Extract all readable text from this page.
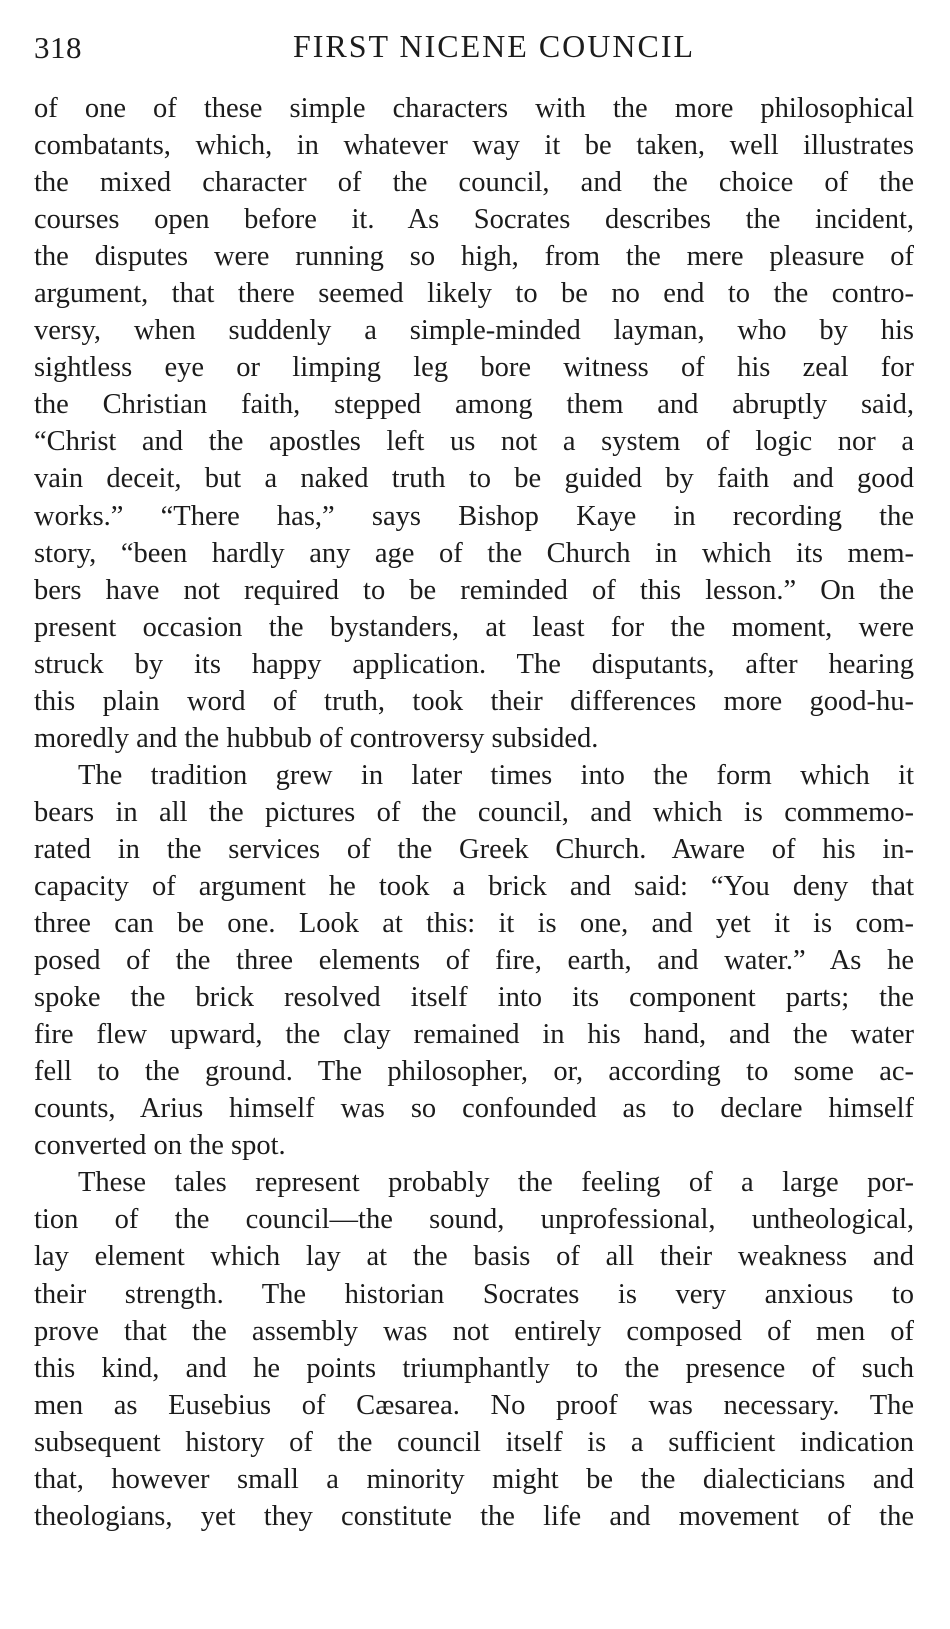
318	FIRST NICENE COUNCIL
of one of these simple characters with the more philosophical
combatants, which, in whatever way it be taken, well illustrates
the mixed character of the council, and the choice of the
courses open before it. As Socrates describes the incident,
the disputes were running so high, from the mere pleasure of
argument, that there seemed likely to be no end to the contro-
versy, when suddenly a simple-minded layman, who by his
sightless eye or limping leg bore witness of his zeal for
the Christian faith, stepped among them and abruptly said,
“Christ and the apostles left us not a system of logic nor a
vain deceit, but a naked truth to be guided by faith and good
works.” “There has,” says Bishop Kaye in recording the
story, “been hardly any age of the Church in which its mem-
bers have not required to be reminded of this lesson.” On the
present occasion the bystanders, at least for the moment, were
struck by its happy application. The disputants, after hearing
this plain word of truth, took their differences more good-hu-
moredly and the hubbub of controversy subsided.
The tradition grew in later times into the form which it
bears in all the pictures of the council, and which is commemo-
rated in the services of the Greek Church. Aware of his in-
capacity of argument he took a brick and said: “You deny that
three can be one. Look at this: it is one, and yet it is com-
posed of the three elements of fire, earth, and water.” As he
spoke the brick resolved itself into its component parts; the
fire flew upward, the clay remained in his hand, and the water
fell to the ground. The philosopher, or, according to some ac-
counts, Arius himself was so confounded as to declare himself
converted on the spot.
These tales represent probably the feeling of a large por-
tion of the council—the sound, unprofessional, untheological,
lay element which lay at the basis of all their weakness and
their strength. The historian Socrates is very anxious to
prove that the assembly was not entirely composed of men of
this kind, and he points triumphantly to the presence of such
men as Eusebius of Cæsarea. No proof was necessary. The
subsequent history of the council itself is a sufficient indication
that, however small a minority might be the dialecticians and
theologians, yet they constitute the life and movement of the
